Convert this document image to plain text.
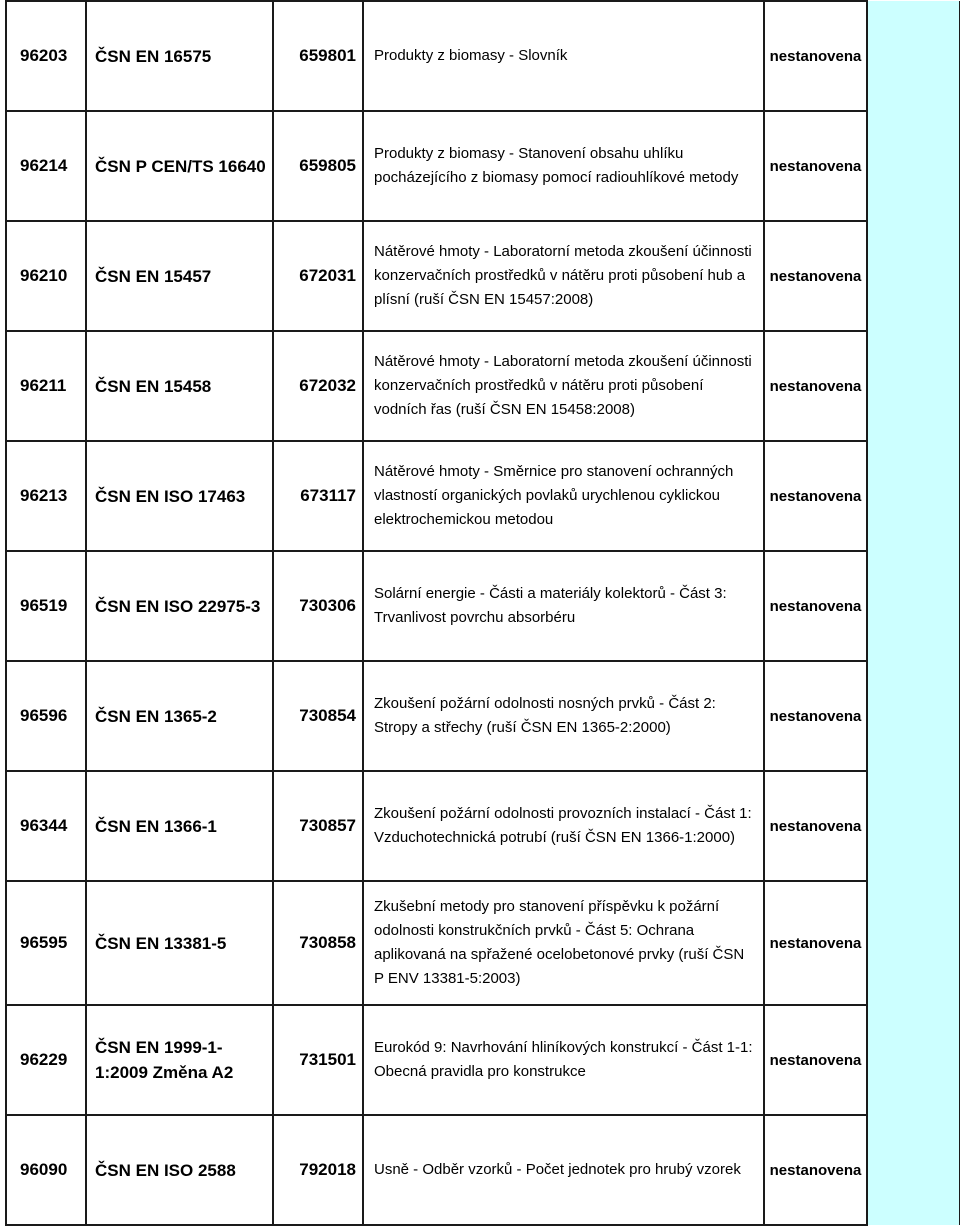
96203	ČSN EN 16575	659801	Produkty z biomasy - Slovník	nestanovena	
96214	ČSN P CEN/TS 16640	659805	Produkty z biomasy - Stanovení obsahu uhlíku pocházejícího z biomasy pomocí radiouhlíkové metody	nestanovena	
96210	ČSN EN 15457	672031	Nátěrové hmoty - Laboratorní metoda zkoušení účinnosti konzervačních prostředků v nátěru proti působení hub a plísní (ruší ČSN EN 15457:2008)	nestanovena	
96211	ČSN EN 15458	672032	Nátěrové hmoty - Laboratorní metoda zkoušení účinnosti konzervačních prostředků v nátěru proti působení vodních řas (ruší ČSN EN 15458:2008)	nestanovena	
96213	ČSN EN ISO 17463	673117	Nátěrové hmoty - Směrnice pro stanovení ochranných vlastností organických povlaků urychlenou cyklickou elektrochemickou metodou	nestanovena	
96519	ČSN EN ISO 22975-3	730306	Solární energie - Části a materiály kolektorů - Část 3: Trvanlivost povrchu absorbéru	nestanovena	
96596	ČSN EN 1365-2	730854	Zkoušení požární odolnosti nosných prvků - Část 2: Stropy a střechy (ruší ČSN EN 1365-2:2000)	nestanovena	
96344	ČSN EN 1366-1	730857	Zkoušení požární odolnosti provozních instalací - Část 1: Vzduchotechnická potrubí (ruší ČSN EN 1366-1:2000)	nestanovena	
96595	ČSN EN 13381-5	730858	Zkušební metody pro stanovení příspěvku k požární odolnosti konstrukčních prvků - Část 5: Ochrana aplikovaná na spřažené ocelobetonové prvky (ruší ČSN P ENV 13381-5:2003)	nestanovena	
96229	ČSN EN 1999-1-1:2009 Změna A2	731501	Eurokód 9: Navrhování hliníkových konstrukcí - Část 1-1: Obecná pravidla pro konstrukce	nestanovena	
96090	ČSN EN ISO 2588	792018	Usně - Odběr vzorků - Počet jednotek pro hrubý vzorek	nestanovena	
